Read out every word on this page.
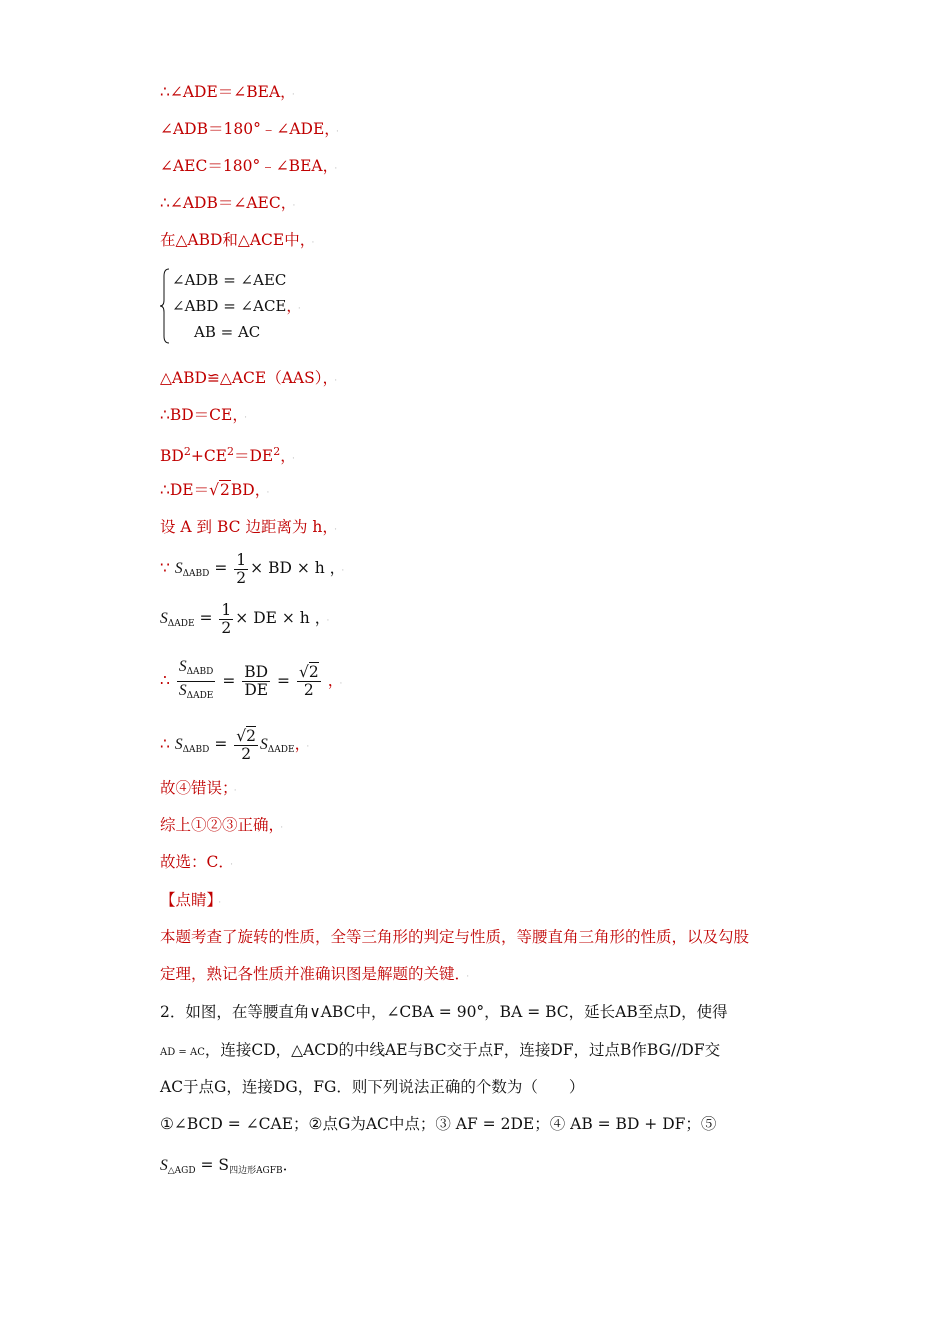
∴∠ADE＝∠BEA， ·
∠ADB＝180°﹣∠ADE， ·
∠AEC＝180°﹣∠BEA， ·
∴∠ADB＝∠AEC， ·
在△ABD和△ACE中， ·
∠ADB = ∠AEC
∠ABD = ∠ACE， ·
AB = AC
△ABD≌△ACE（AAS）， ·
∴BD＝CE， ·
$BD^2+CE^2=DE^2$， ·
∴DE＝√2BD， ·
设 A 到 BC 边距离为 h， ·
∵ $S_{\Delta ABD} = \frac{1}{2}$ × BD × h ， ·
$S_{\Delta ADE} = \frac{1}{2}$ × DE × h ， ·
∴ $\frac{S_{\Delta ABD}}{S_{\Delta ADE}} = \frac{BD}{DE} = \frac{√2}{2}$ ， ·
∴ $S_{\Delta ABD} = \frac{√2}{2} S_{\Delta ADE}$， ·
故④错误； ·
综上①②③正确， ·
故选：C． ·
【点睛】 ·
本题考查了旋转的性质，全等三角形的判定与性质，等腰直角三角形的性质，以及勾股
定理，熟记各性质并准确识图是解题的关键． ·
2．如图，在等腰直角∨ABC中，∠CBA = 90°，BA = BC，延长AB至点D，使得
AD = AC，连接CD，△ACD的中线AE与BC交于点F，连接DF，过点B作BG//DF交
AC于点G，连接DG，FG．则下列说法正确的个数为（　　）
①∠BCD = ∠CAE；②点G为AC中点；③ AF = 2DE；④ AB = BD + DF；⑤
$S_{\triangle AGD} = S_{四边形AGFB}$．
